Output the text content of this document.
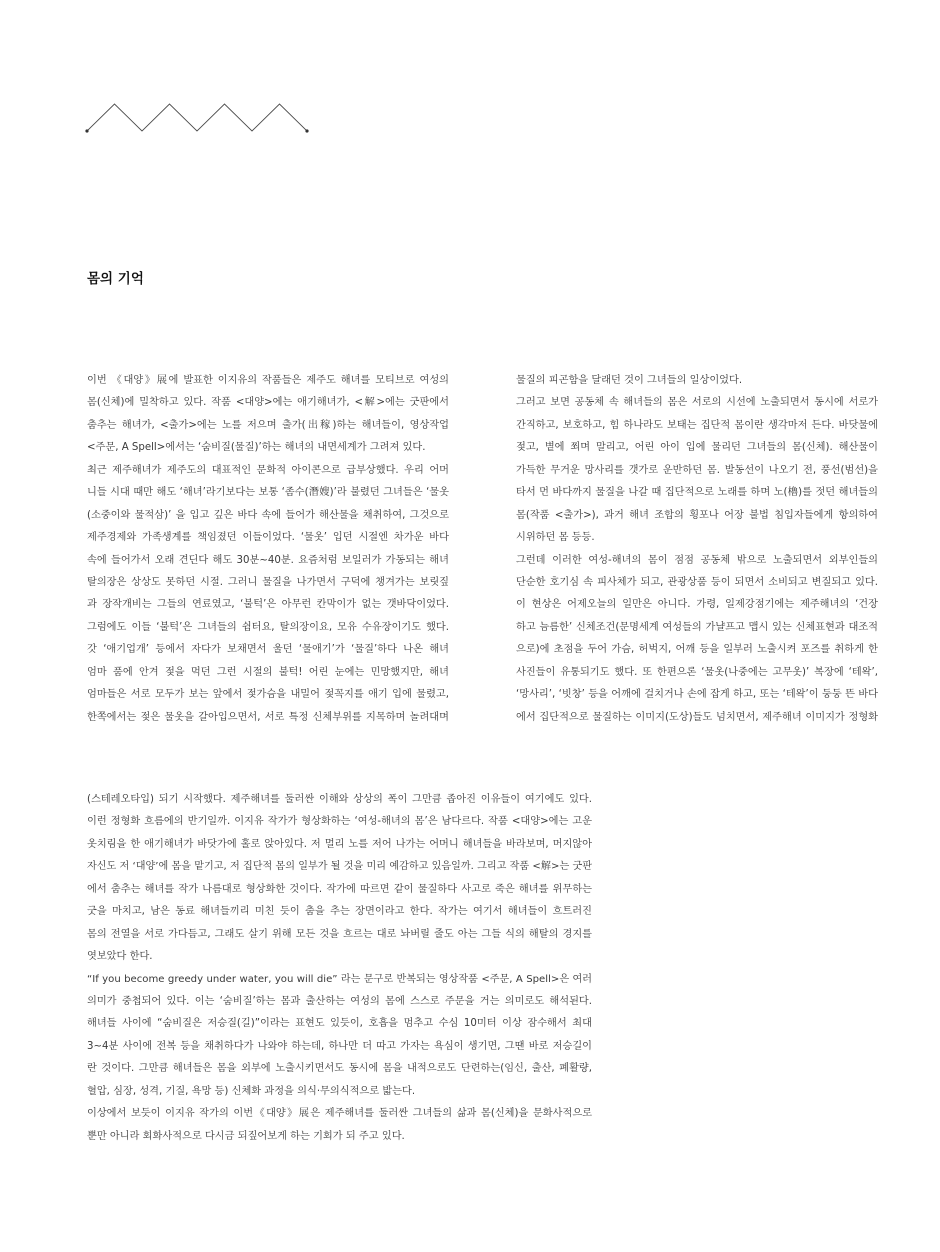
몸의 기억
이번 《대양》展에 발표한 이지유의 작품들은 제주도 해녀를 모티브로 여성의
몸(신체)에 밀착하고 있다. 작품 <대양>에는 애기해녀가, <解>에는 굿판에서
춤추는 해녀가, <출가>에는 노를 저으며 출가(出稼)하는 해녀들이, 영상작업
<주문, A Spell>에서는 ‘숨비질(물질)’하는 해녀의 내면세계가 그려져 있다.
최근 제주해녀가 제주도의 대표적인 문화적 아이콘으로 급부상했다. 우리 어머
니들 시대 때만 해도 ‘해녀’라기보다는 보통 ‘좀수(潛嫂)’라 불렸던 그녀들은 ‘물옷
(소중이와 물적삼)’ 을 입고 깊은 바다 속에 들어가 해산물을 채취하여, 그것으로
제주경제와 가족생계를 책임졌던 이들이었다. ‘물옷’ 입던 시절엔 차가운 바다
속에 들어가서 오래 견딘다 해도 30분~40분. 요즘처럼 보일러가 가동되는 해녀
탈의장은 상상도 못하던 시절. 그러니 물질을 나가면서 구덕에 챙겨가는 보릿짚
과 장작개비는 그들의 연료였고, ‘불턱’은 아무런 칸막이가 없는 갯바닥이었다.
그럼에도 이들 ‘불턱’은 그녀들의 쉼터요, 탈의장이요, 모유 수유장이기도 했다.
갓 ‘애기업개’ 등에서 자다가 보채면서 울던 ‘물애기’가 ‘물질’하다 나온 해녀
엄마 품에 안겨 젖을 먹던 그런 시절의 불턱! 어린 눈에는 민망했지만, 해녀
엄마들은 서로 모두가 보는 앞에서 젖가슴을 내밀어 젖꼭지를 애기 입에 물렸고,
한쪽에서는 젖은 물옷을 갈아입으면서, 서로 특정 신체부위를 지목하며 놀려대며
물질의 피곤함을 달래던 것이 그녀들의 일상이었다.
그러고 보면 공동체 속 해녀들의 몸은 서로의 시선에 노출되면서 동시에 서로가
간직하고, 보호하고, 힘 하나라도 보태는 집단적 몸이란 생각마저 든다. 바닷물에
젖고, 볕에 쬐며 말리고, 어린 아이 입에 물리던 그녀들의 몸(신체). 해산물이
가득한 무거운 망사리를 갯가로 운반하던 몸. 발동선이 나오기 전, 풍선(범선)을
타서 먼 바다까지 물질을 나갈 때 집단적으로 노래를 하며 노(櫓)를 젓던 해녀들의
몸(작품 <출가>), 과거 해녀 조합의 횡포나 어장 불법 침입자들에게 항의하여
시위하던 몸 등등.
그런데 이러한 여성-해녀의 몸이 점점 공동체 밖으로 노출되면서 외부인들의
단순한 호기심 속 피사체가 되고, 관광상품 등이 되면서 소비되고 변질되고 있다.
이 현상은 어제오늘의 일만은 아니다. 가령, 일제강점기에는 제주해녀의 ‘건장
하고 늠름한’ 신체조건(문명세계 여성들의 가냘프고 맵시 있는 신체표현과 대조적
으로)에 초점을 두어 가슴, 허벅지, 어깨 등을 일부러 노출시켜 포즈를 취하게 한
사진들이 유통되기도 했다. 또 한편으론 ‘물옷(나중에는 고무옷)’ 복장에 ‘테왁’,
‘망사리’, ‘빗창’ 등을 어깨에 걸치거나 손에 잡게 하고, 또는 ‘테왁’이 둥둥 뜬 바다
에서 집단적으로 물질하는 이미지(도상)들도 넘치면서, 제주해녀 이미지가 정형화
(스테레오타입) 되기 시작했다. 제주해녀를 둘러싼 이해와 상상의 폭이 그만큼 좁아진 이유들이 여기에도 있다.
이런 정형화 흐름에의 반기일까. 이지유 작가가 형상화하는 ‘여성-해녀의 몸’은 남다르다. 작품 <대양>에는 고운
옷치림을 한 애기해녀가 바닷가에 홀로 앉아있다. 저 멀리 노를 저어 나가는 어머니 해녀들을 바라보며, 머지않아
자신도 저 ‘대양’에 몸을 맡기고, 저 집단적 몸의 일부가 될 것을 미리 예감하고 있음일까. 그리고 작품 <解>는 굿판
에서 춤추는 해녀를 작가 나름대로 형상화한 것이다. 작가에 따르면 같이 물질하다 사고로 죽은 해녀를 위무하는
굿을 마치고, 남은 동료 해녀들끼리 미친 듯이 춤을 추는 장면이라고 한다. 작가는 여기서 해녀들이 흐트러진
몸의 전열을 서로 가다듬고, 그래도 살기 위해 모든 것을 흐르는 대로 놔버릴 줄도 아는 그들 식의 해탈의 경지를
엿보았다 한다.
“If you become greedy under water, you will die” 라는 문구로 반복되는 영상작품 <주문, A Spell>은 여러
의미가 중첩되어 있다. 이는 ‘숨비질’하는 몸과 출산하는 여성의 몸에 스스로 주문을 거는 의미로도 해석된다.
해녀들 사이에 “숨비질은 저승질(길)”이라는 표현도 있듯이, 호흡을 멈추고 수심 10미터 이상 잠수해서 최대
3~4분 사이에 전복 등을 채취하다가 나와야 하는데, 하나만 더 따고 가자는 욕심이 생기면, 그땐 바로 저승길이
란 것이다. 그만큼 해녀들은 몸을 외부에 노출시키면서도 동시에 몸을 내적으로도 단련하는(임신, 출산, 폐활량,
혈압, 심장, 성격, 기질, 욕망 등) 신체화 과정을 의식·무의식적으로 밟는다.
이상에서 보듯이 이지유 작가의 이번《대양》展은 제주해녀를 둘러싼 그녀들의 삶과 몸(신체)을 문화사적으로
뿐만 아니라 회화사적으로 다시금 되짚어보게 하는 기회가 되 주고 있다.
